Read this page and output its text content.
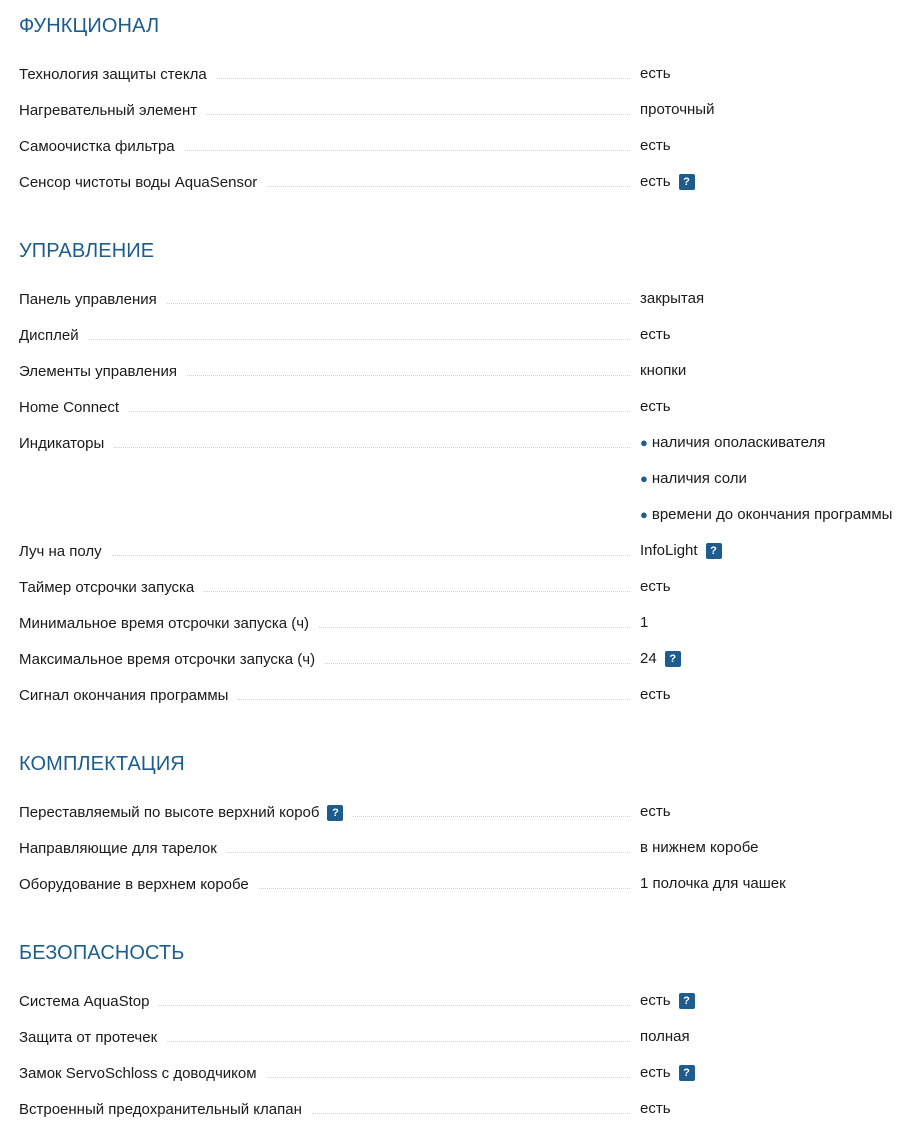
ФУНКЦИОНАЛ
Технология защиты стекла	есть
Нагревательный элемент	проточный
Самоочистка фильтра	есть
Сенсор чистоты воды AquaSensor	есть	?
УПРАВЛЕНИЕ
Панель управления	закрытая
Дисплей	есть
Элементы управления	кнопки
Home Connect	есть
Индикаторы	● наличия ополаскивателя
● наличия соли
● времени до окончания программы
Луч на полу	InfoLight	?
Таймер отсрочки запуска	есть
Минимальное время отсрочки запуска (ч)	1
Максимальное время отсрочки запуска (ч)	24	?
Сигнал окончания программы	есть
КОМПЛЕКТАЦИЯ
Переставляемый по высоте верхний короб	?	есть
Направляющие для тарелок	в нижнем коробе
Оборудование в верхнем коробе	1 полочка для чашек
БЕЗОПАСНОСТЬ
Система AquaStop	есть	?
Защита от протечек	полная
Замок ServoSchloss с доводчиком	есть	?
Встроенный предохранительный клапан	есть
